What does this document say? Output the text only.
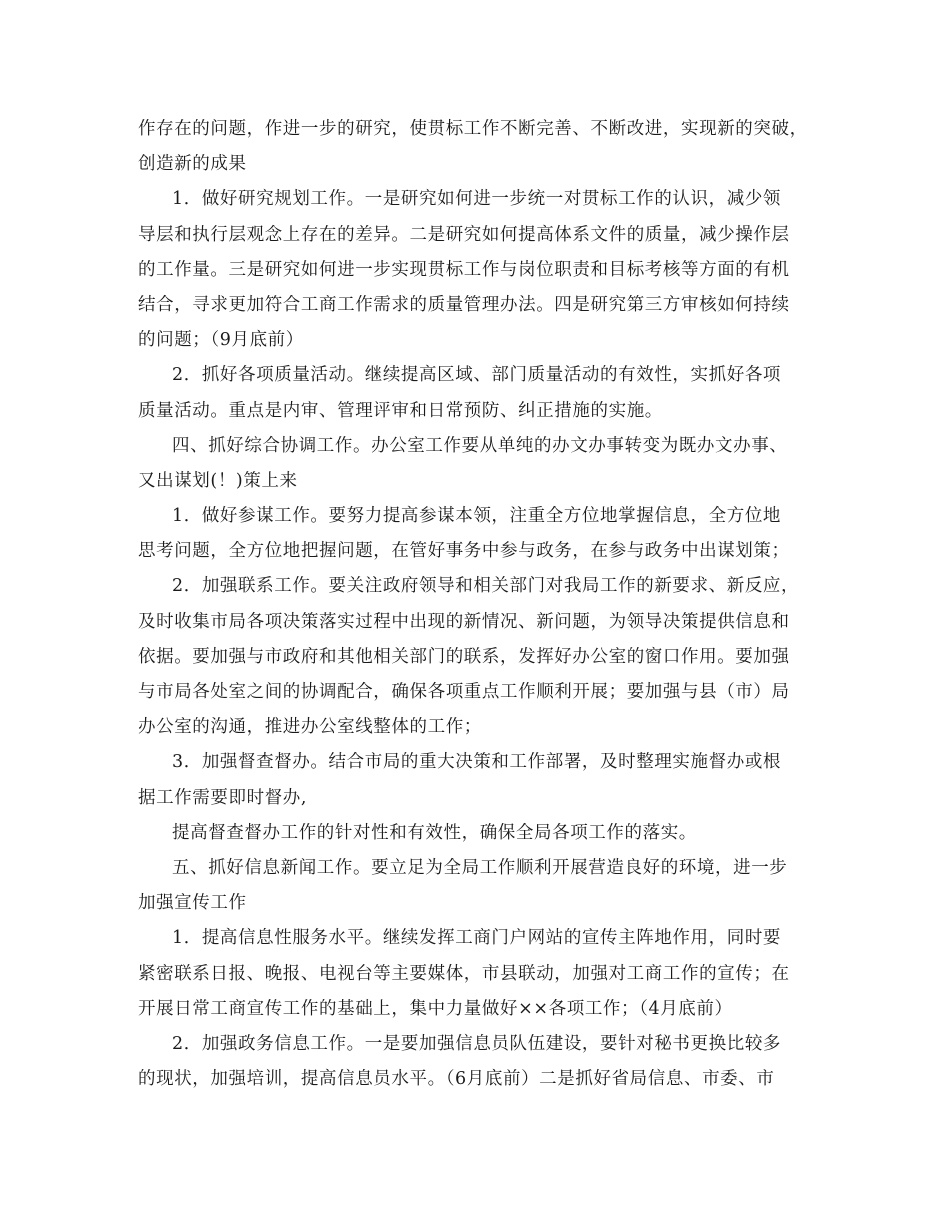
作存在的问题，作进一步的研究，使贯标工作不断完善、不断改进，实现新的突破，
创造新的成果
1．做好研究规划工作。一是研究如何进一步统一对贯标工作的认识，减少领
导层和执行层观念上存在的差异。二是研究如何提高体系文件的质量，减少操作层
的工作量。三是研究如何进一步实现贯标工作与岗位职责和目标考核等方面的有机
结合，寻求更加符合工商工作需求的质量管理办法。四是研究第三方审核如何持续
的问题；（9月底前）
2．抓好各项质量活动。继续提高区域、部门质量活动的有效性，实抓好各项
质量活动。重点是内审、管理评审和日常预防、纠正措施的实施。
四、抓好综合协调工作。办公室工作要从单纯的办文办事转变为既办文办事、
又出谋划(！)策上来
1．做好参谋工作。要努力提高参谋本领，注重全方位地掌握信息，全方位地
思考问题，全方位地把握问题，在管好事务中参与政务，在参与政务中出谋划策；
2．加强联系工作。要关注政府领导和相关部门对我局工作的新要求、新反应，
及时收集市局各项决策落实过程中出现的新情况、新问题，为领导决策提供信息和
依据。要加强与市政府和其他相关部门的联系，发挥好办公室的窗口作用。要加强
与市局各处室之间的协调配合，确保各项重点工作顺利开展；要加强与县（市）局
办公室的沟通，推进办公室线整体的工作；
3．加强督查督办。结合市局的重大决策和工作部署，及时整理实施督办或根
据工作需要即时督办,
提高督查督办工作的针对性和有效性，确保全局各项工作的落实。
五、抓好信息新闻工作。要立足为全局工作顺利开展营造良好的环境，进一步
加强宣传工作
1．提高信息性服务水平。继续发挥工商门户网站的宣传主阵地作用，同时要
紧密联系日报、晚报、电视台等主要媒体，市县联动，加强对工商工作的宣传；在
开展日常工商宣传工作的基础上，集中力量做好××各项工作；（4月底前）
2．加强政务信息工作。一是要加强信息员队伍建设，要针对秘书更换比较多
的现状，加强培训，提高信息员水平。（6月底前）二是抓好省局信息、市委、市
